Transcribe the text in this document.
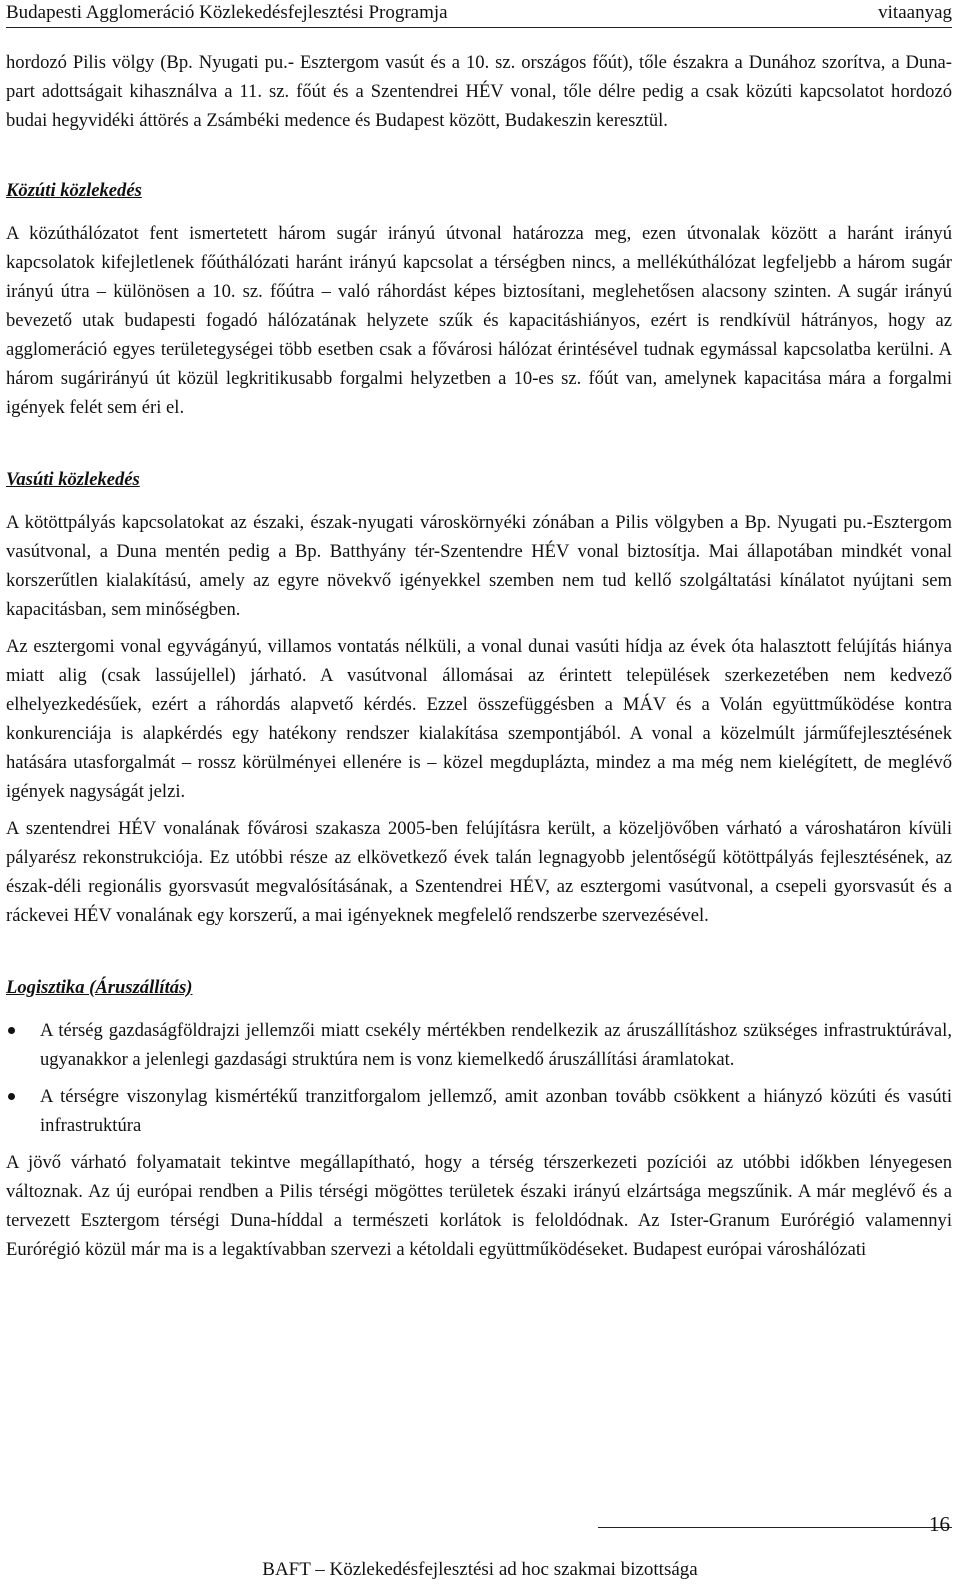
Budapesti Agglomeráció Közlekedésfejlesztési Programja	vitaanyag

hordozó Pilis völgy (Bp. Nyugati pu.- Esztergom vasút és a 10. sz. országos főút), tőle északra a Dunához szorítva, a Duna-part adottságait kihasználva a 11. sz. főút és a Szentendrei HÉV vonal, tőle délre pedig a csak közúti kapcsolatot hordozó budai hegyvidéki áttörés a Zsámbéki medence és Budapest között, Budakeszin keresztül.

Közúti közlekedés

A közúthálózatot fent ismertetett három sugár irányú útvonal határozza meg, ezen útvonalak között a haránt irányú kapcsolatok kifejletlenek főúthálózati haránt irányú kapcsolat a térségben nincs, a mellékúthálózat legfeljebb a három sugár irányú útra – különösen a 10. sz. főútra – való ráhordást képes biztosítani, meglehetősen alacsony szinten. A sugár irányú bevezető utak budapesti fogadó hálózatának helyzete szűk és kapacitáshiányos, ezért is rendkívül hátrányos, hogy az agglomeráció egyes területegységei több esetben csak a fővárosi hálózat érintésével tudnak egymással kapcsolatba kerülni. A három sugárirányú út közül legkritikusabb forgalmi helyzetben a 10-es sz. főút van, amelynek kapacitása mára a forgalmi igények felét sem éri el.

Vasúti közlekedés

A kötöttpályás kapcsolatokat az északi, észak-nyugati városkörnyéki zónában a Pilis völgyben a Bp. Nyugati pu.-Esztergom vasútvonal, a Duna mentén pedig a Bp. Batthyány tér-Szentendre HÉV vonal biztosítja. Mai állapotában mindkét vonal korszerűtlen kialakítású, amely az egyre növekvő igényekkel szemben nem tud kellő szolgáltatási kínálatot nyújtani sem kapacitásban, sem minőségben.

Az esztergomi vonal egyvágányú, villamos vontatás nélküli, a vonal dunai vasúti hídja az évek óta halasztott felújítás hiánya miatt alig (csak lassújellel) járható. A vasútvonal állomásai az érintett települések szerkezetében nem kedvező elhelyezkedésűek, ezért a ráhordás alapvető kérdés. Ezzel összefüggésben a MÁV és a Volán együttműködése kontra konkurenciája is alapkérdés egy hatékony rendszer kialakítása szempontjából. A vonal a közelmúlt járműfejlesztésének hatására utasforgalmát – rossz körülményei ellenére is – közel megduplázta, mindez a ma még nem kielégített, de meglévő igények nagyságát jelzi.

A szentendrei HÉV vonalának fővárosi szakasza 2005-ben felújításra került, a közeljövőben várható a városhatáron kívüli pályarész rekonstrukciója. Ez utóbbi része az elkövetkező évek talán legnagyobb jelentőségű kötöttpályás fejlesztésének, az észak-déli regionális gyorsvasút megvalósításának, a Szentendrei HÉV, az esztergomi vasútvonal, a csepeli gyorsvasút és a ráckevei HÉV vonalának egy korszerű, a mai igényeknek megfelelő rendszerbe szervezésével.

Logisztika (Áruszállítás)
A térség gazdaságföldrajzi jellemzői miatt csekély mértékben rendelkezik az áruszállításhoz szükséges infrastruktúrával, ugyanakkor a jelenlegi gazdasági struktúra nem is vonz kiemelkedő áruszállítási áramlatokat.
A térségre viszonylag kismértékű tranzitforgalom jellemző, amit azonban tovább csökkent a hiányzó közúti és vasúti infrastruktúra

A jövő várható folyamatait tekintve megállapítható, hogy a térség térszerkezeti pozíciói az utóbbi időkben lényegesen változnak. Az új európai rendben a Pilis térségi mögöttes területek északi irányú elzártsága megszűnik. A már meglévő és a tervezett Esztergom térségi Duna-híddal a természeti korlátok is feloldódnak. Az Ister-Granum Eurórégió valamennyi Eurórégió közül már ma is a legaktívabban szervezi a kétoldali együttműködéseket. Budapest európai városhálózati

16
BAFT – Közlekedésfejlesztési ad hoc szakmai bizottsága
